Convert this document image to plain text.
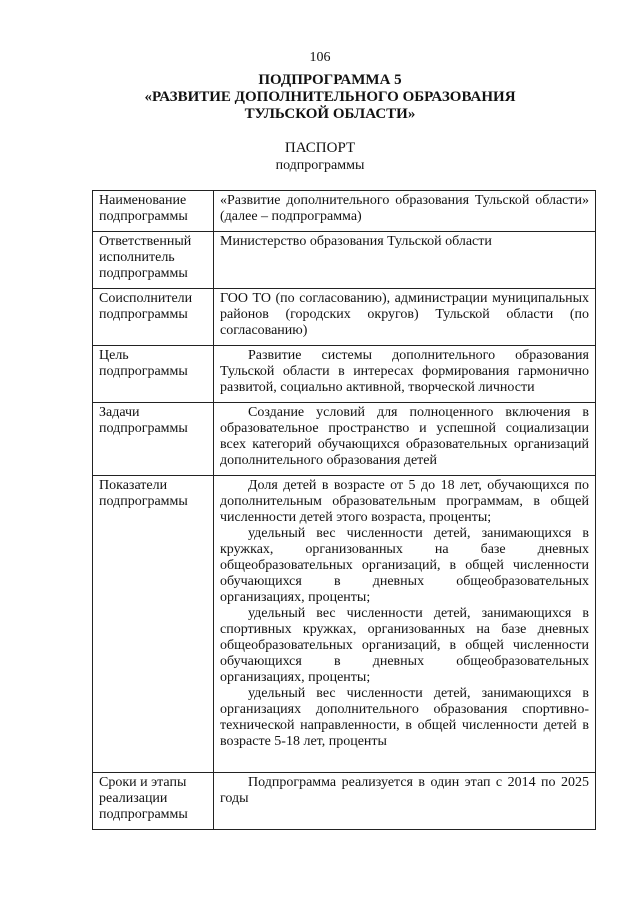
106
ПОДПРОГРАММА 5
«РАЗВИТИЕ ДОПОЛНИТЕЛЬНОГО ОБРАЗОВАНИЯ
ТУЛЬСКОЙ ОБЛАСТИ»
ПАСПОРТ
подпрограммы
Наименование подпрограммы	«Развитие дополнительного образования Тульской области» (далее – подпрограмма)

Ответственный исполнитель подпрограммы	Министерство образования Тульской области

Соисполнители подпрограммы	ГОО ТО (по согласованию), администрации муниципальных районов (городских округов) Тульской области (по согласованию)

Цель подпрограммы	Развитие системы дополнительного образования Тульской области в интересах формирования гармонично развитой, социально активной, творческой личности

Задачи подпрограммы	Создание условий для полноценного включения в образовательное пространство и успешной социализации всех категорий обучающихся образовательных организаций дополнительного образования детей

Показатели подпрограммы	Доля детей в возрасте от 5 до 18 лет, обучающихся по дополнительным образовательным программам, в общей численности детей этого возраста, проценты;

удельный вес численности детей, занимающихся в кружках, организованных на базе дневных общеобразовательных организаций, в общей численности обучающихся в дневных общеобразовательных организациях, проценты;

удельный вес численности детей, занимающихся в спортивных кружках, организованных на базе дневных общеобразовательных организаций, в общей численности обучающихся в дневных общеобразовательных организациях, проценты;

удельный вес численности детей, занимающихся в организациях дополнительного образования спортивно-технической направленности, в общей численности детей в возрасте 5-18 лет, проценты

Сроки и этапы реализации подпрограммы	Подпрограмма реализуется в один этап с 2014 по 2025 годы
